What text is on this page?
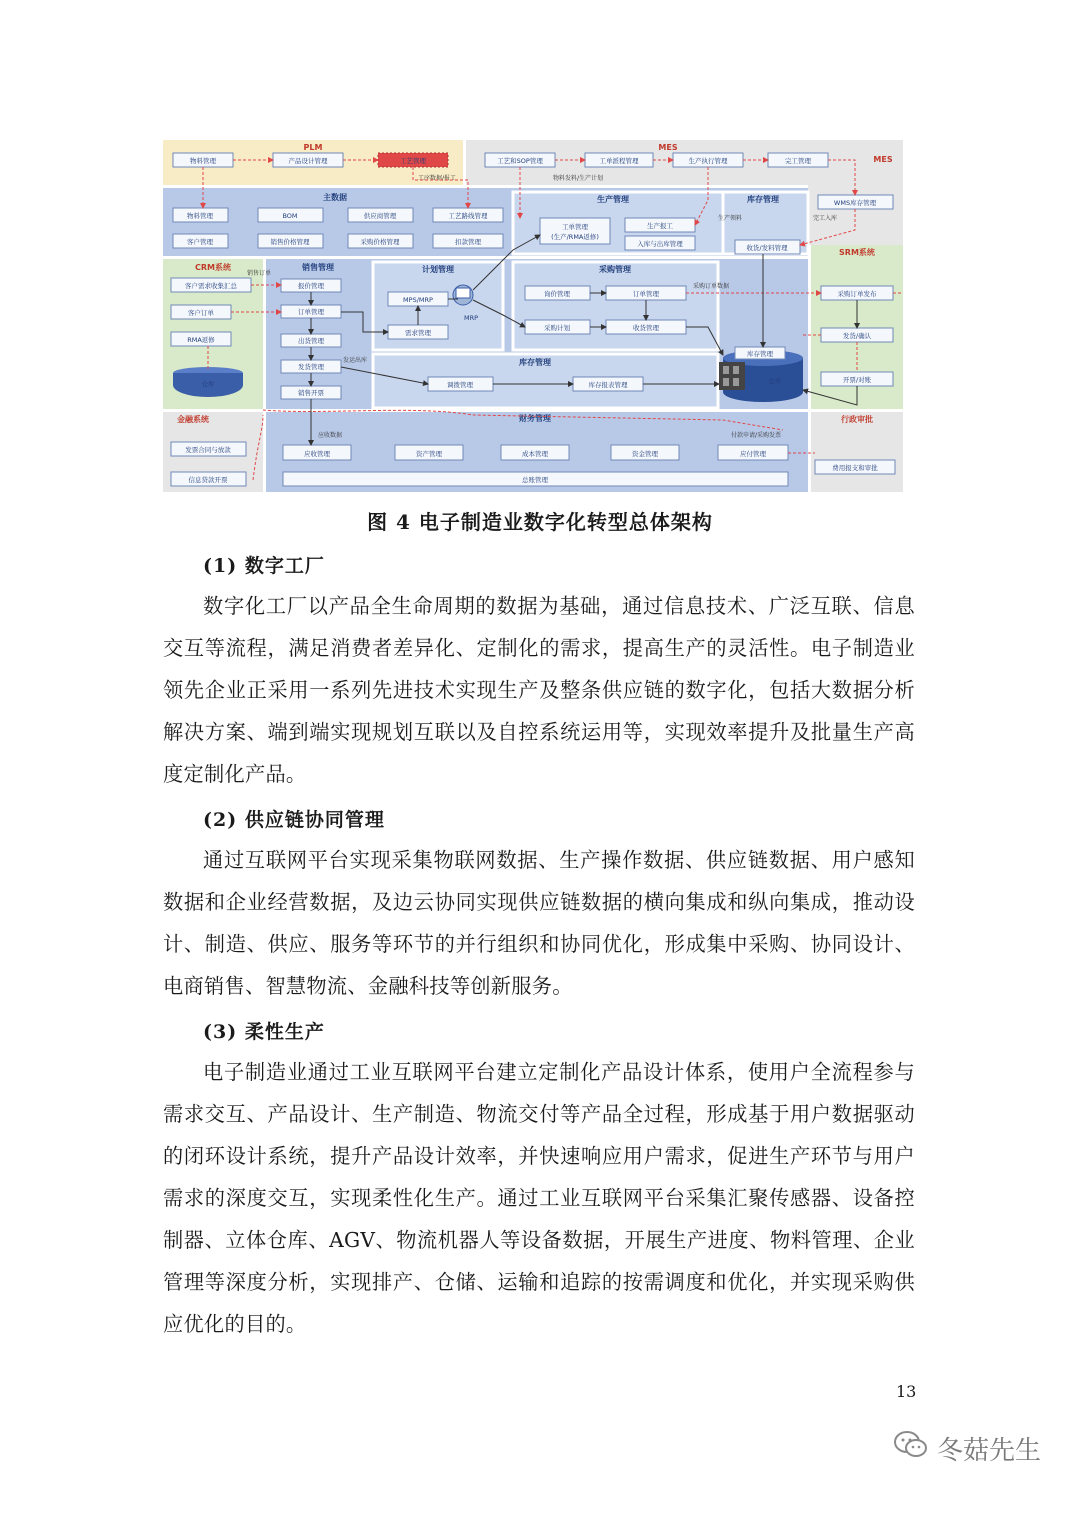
PLM	MES
MES
CRM系统
SRM系统
金融系统	行政审批
主数据	生产管理	库存管理
销售管理	计划管理	采购管理
库存管理
财务管理
物料管理	产品设计管理	工艺管理	工艺和SOP管理	工单派程管理	生产执行管理	完工管理
WMS库存管理
物料管理	BOM	供应商管理	工艺路线管理
客户管理	销售价格管理	采购价格管理	扣款管理
工单管理
(生产/RMA返修)
生产报工
入库与出库管理	收货/发料管理
客户需求收集汇总
客户订单
RMA返修
仓库
报价管理
订单管理
出货管理
发货管理
销售开票
MPS/MRP
需求管理
MRP
询价管理	订单管理
采购计划	收货管理
库存管理
仓库
调拨管理	库存报表管理
采购订单发布
发货/确认
开票/对账
应收管理	资产管理	成本管理	资金管理	应付管理
总账管理
发票合同与放款
信息贷款开票
费用报支和审批
工序数据/报工	物料发料/生产计划
生产领料	完工入库
销售订单
采购订单数据
发运出库
应收数据	付款申请/采购发票
图 4 电子制造业数字化转型总体架构
(1) 数字工厂
数字化工厂以产品全生命周期的数据为基础，通过信息技术、广泛互联、信息交互等流程，满足消费者差异化、定制化的需求，提高生产的灵活性。电子制造业领先企业正采用一系列先进技术实现生产及整条供应链的数字化，包括大数据分析解决方案、端到端实现规划互联以及自控系统运用等，实现效率提升及批量生产高度定制化产品。
(2) 供应链协同管理
通过互联网平台实现采集物联网数据、生产操作数据、供应链数据、用户感知数据和企业经营数据，及边云协同实现供应链数据的横向集成和纵向集成，推动设计、制造、供应、服务等环节的并行组织和协同优化，形成集中采购、协同设计、电商销售、智慧物流、金融科技等创新服务。
(3) 柔性生产
电子制造业通过工业互联网平台建立定制化产品设计体系，使用户全流程参与需求交互、产品设计、生产制造、物流交付等产品全过程，形成基于用户数据驱动的闭环设计系统，提升产品设计效率，并快速响应用户需求，促进生产环节与用户需求的深度交互，实现柔性化生产。通过工业互联网平台采集汇聚传感器、设备控制器、立体仓库、AGV、物流机器人等设备数据，开展生产进度、物料管理、企业管理等深度分析，实现排产、仓储、运输和追踪的按需调度和优化，并实现采购供应优化的目的。
13
冬菇先生
